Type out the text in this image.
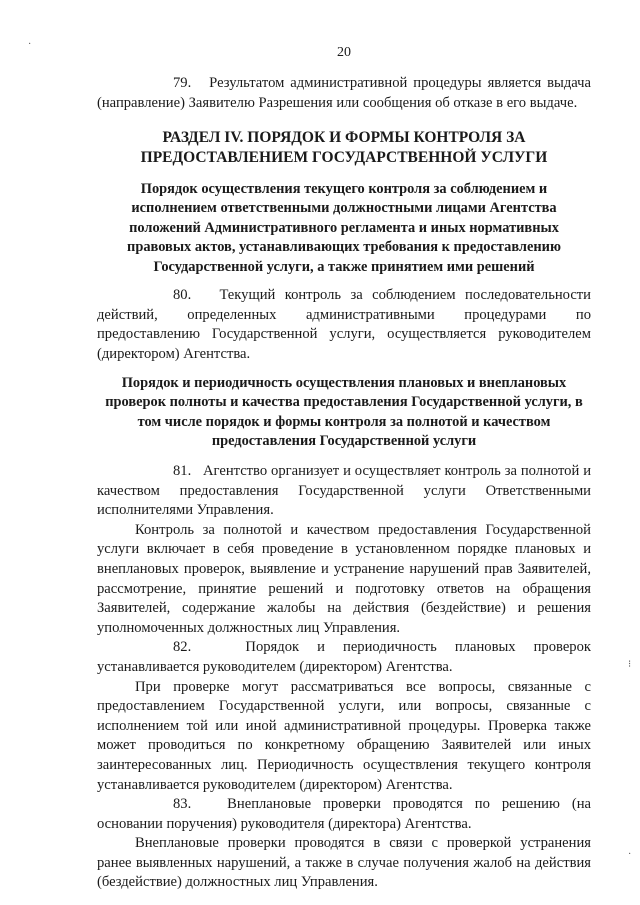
20

79. Результатом административной процедуры является выдача (направление) Заявителю Разрешения или сообщения об отказе в его выдаче.

РАЗДЕЛ IV. ПОРЯДОК И ФОРМЫ КОНТРОЛЯ ЗА
ПРЕДОСТАВЛЕНИЕМ ГОСУДАРСТВЕННОЙ УСЛУГИ
Порядок осуществления текущего контроля за соблюдением и исполнением ответственными должностными лицами Агентства положений Административного регламента и иных нормативных правовых актов, устанавливающих требования к предоставлению Государственной услуги, а также принятием ими решений

80. Текущий контроль за соблюдением последовательности действий, определенных административными процедурами по предоставлению Государственной услуги, осуществляется руководителем (директором) Агентства.

Порядок и периодичность осуществления плановых и внеплановых проверок полноты и качества предоставления Государственной услуги, в том числе порядок и формы контроля за полнотой и качеством предоставления Государственной услуги

81. Агентство организует и осуществляет контроль за полнотой и качеством предоставления Государственной услуги Ответственными исполнителями Управления.

Контроль за полнотой и качеством предоставления Государственной услуги включает в себя проведение в установленном порядке плановых и внеплановых проверок, выявление и устранение нарушений прав Заявителей, рассмотрение, принятие решений и подготовку ответов на обращения Заявителей, содержание жалобы на действия (бездействие) и решения уполномоченных должностных лиц Управления.

82.	Порядок и периодичность плановых проверок устанавливается руководителем (директором) Агентства.

При проверке могут рассматриваться все вопросы, связанные с предоставлением Государственной услуги, или вопросы, связанные с исполнением той или иной административной процедуры. Проверка также может проводиться по конкретному обращению Заявителей или иных заинтересованных лиц. Периодичность осуществления текущего контроля устанавливается руководителем (директором) Агентства.

83. Внеплановые проверки проводятся по решению (на основании поручения) руководителя (директора) Агентства.

Внеплановые проверки проводятся в связи с проверкой устранения ранее выявленных нарушений, а также в случае получения жалоб на действия (бездействие) должностных лиц Управления.

·
⁝
·
